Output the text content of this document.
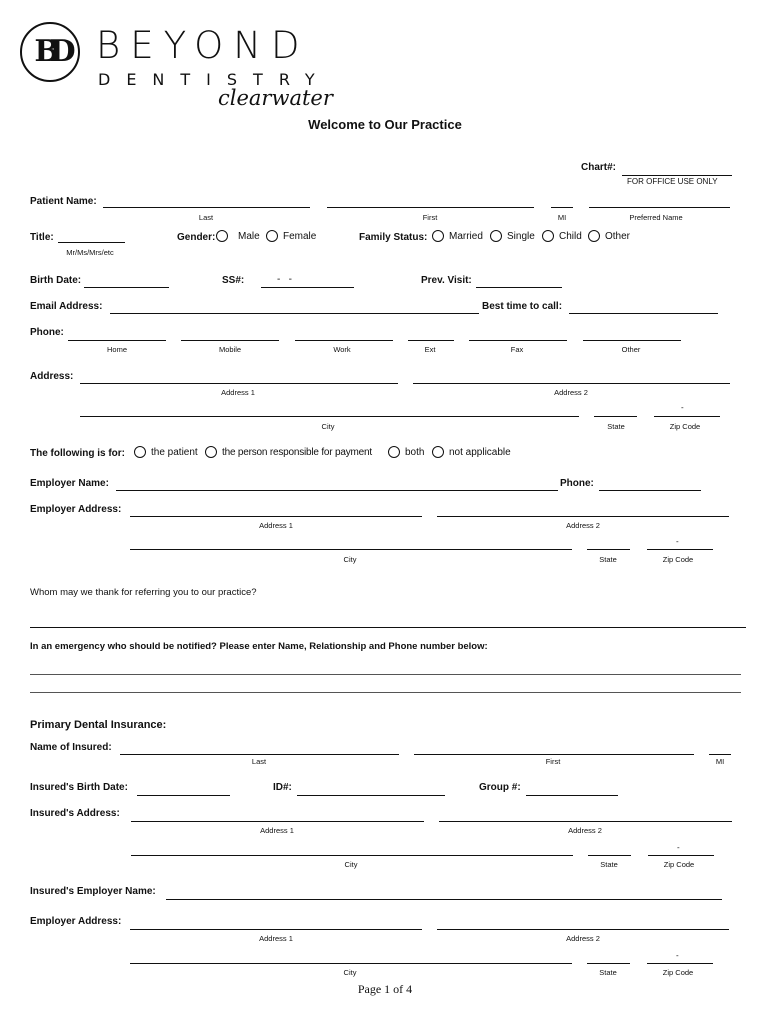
BD BEYOND
DENTISTRY
clearwater
Welcome to Our Practice
Chart#:
FOR OFFICE USE ONLY
Patient Name:
Last	First	MI	Preferred Name
Title:
Mr/Ms/Mrs/etc
Gender: Male Female	Family Status: Married Single Child Other
Birth Date:	SS#:	-   -	Prev. Visit:
Email Address:	Best time to call:
Phone:
Home	Mobile	Work	Ext	Fax	Other
Address:
Address 1	Address 2
-
City	State	Zip Code
The following is for:	the patient the person responsible for payment	both not applicable
Employer Name:	Phone:
Employer Address:
Address 1	Address 2
-
City	State	Zip Code
Whom may we thank for referring you to our practice?
In an emergency who should be notified? Please enter Name, Relationship and Phone number below:
Primary Dental Insurance:
Name of Insured:
Last	First	MI
Insured's Birth Date:	ID#:	Group #:
Insured's Address:
Address 1	Address 2
-
City	State	Zip Code
Insured's Employer Name:
Employer Address:
Address 1	Address 2
-
City	State	Zip Code
Page 1 of 4
